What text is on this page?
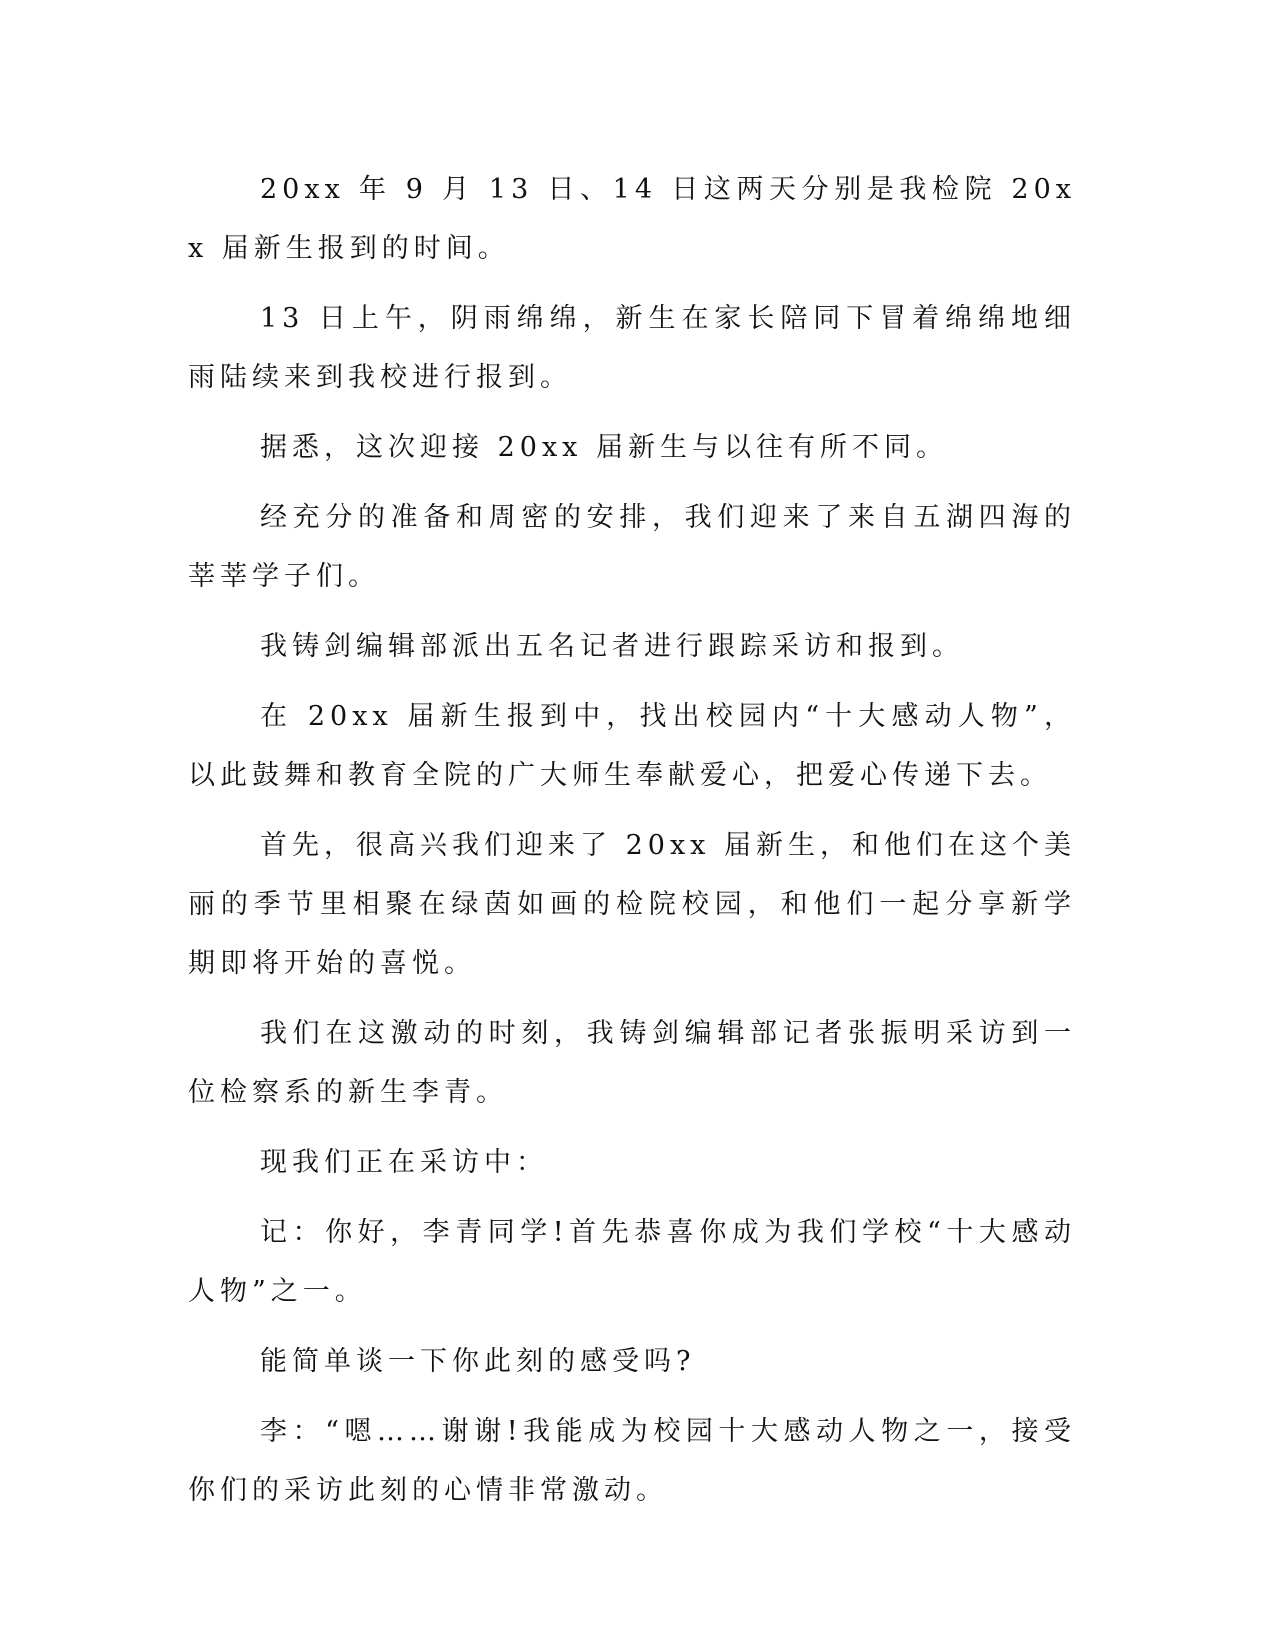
20xx 年 9 月 13 日、14 日这两天分别是我检院 20xx 届新生报到的时间。

13 日上午，阴雨绵绵，新生在家长陪同下冒着绵绵地细雨陆续来到我校进行报到。

据悉，这次迎接 20xx 届新生与以往有所不同。

经充分的准备和周密的安排，我们迎来了来自五湖四海的莘莘学子们。

我铸剑编辑部派出五名记者进行跟踪采访和报到。

在 20xx 届新生报到中，找出校园内“十大感动人物”，以此鼓舞和教育全院的广大师生奉献爱心，把爱心传递下去。

首先，很高兴我们迎来了 20xx 届新生，和他们在这个美丽的季节里相聚在绿茵如画的检院校园，和他们一起分享新学期即将开始的喜悦。

我们在这激动的时刻，我铸剑编辑部记者张振明采访到一位检察系的新生李青。

现我们正在采访中：

记：你好，李青同学!首先恭喜你成为我们学校“十大感动人物”之一。

能简单谈一下你此刻的感受吗?

李：“嗯……谢谢!我能成为校园十大感动人物之一，接受你们的采访此刻的心情非常激动。
